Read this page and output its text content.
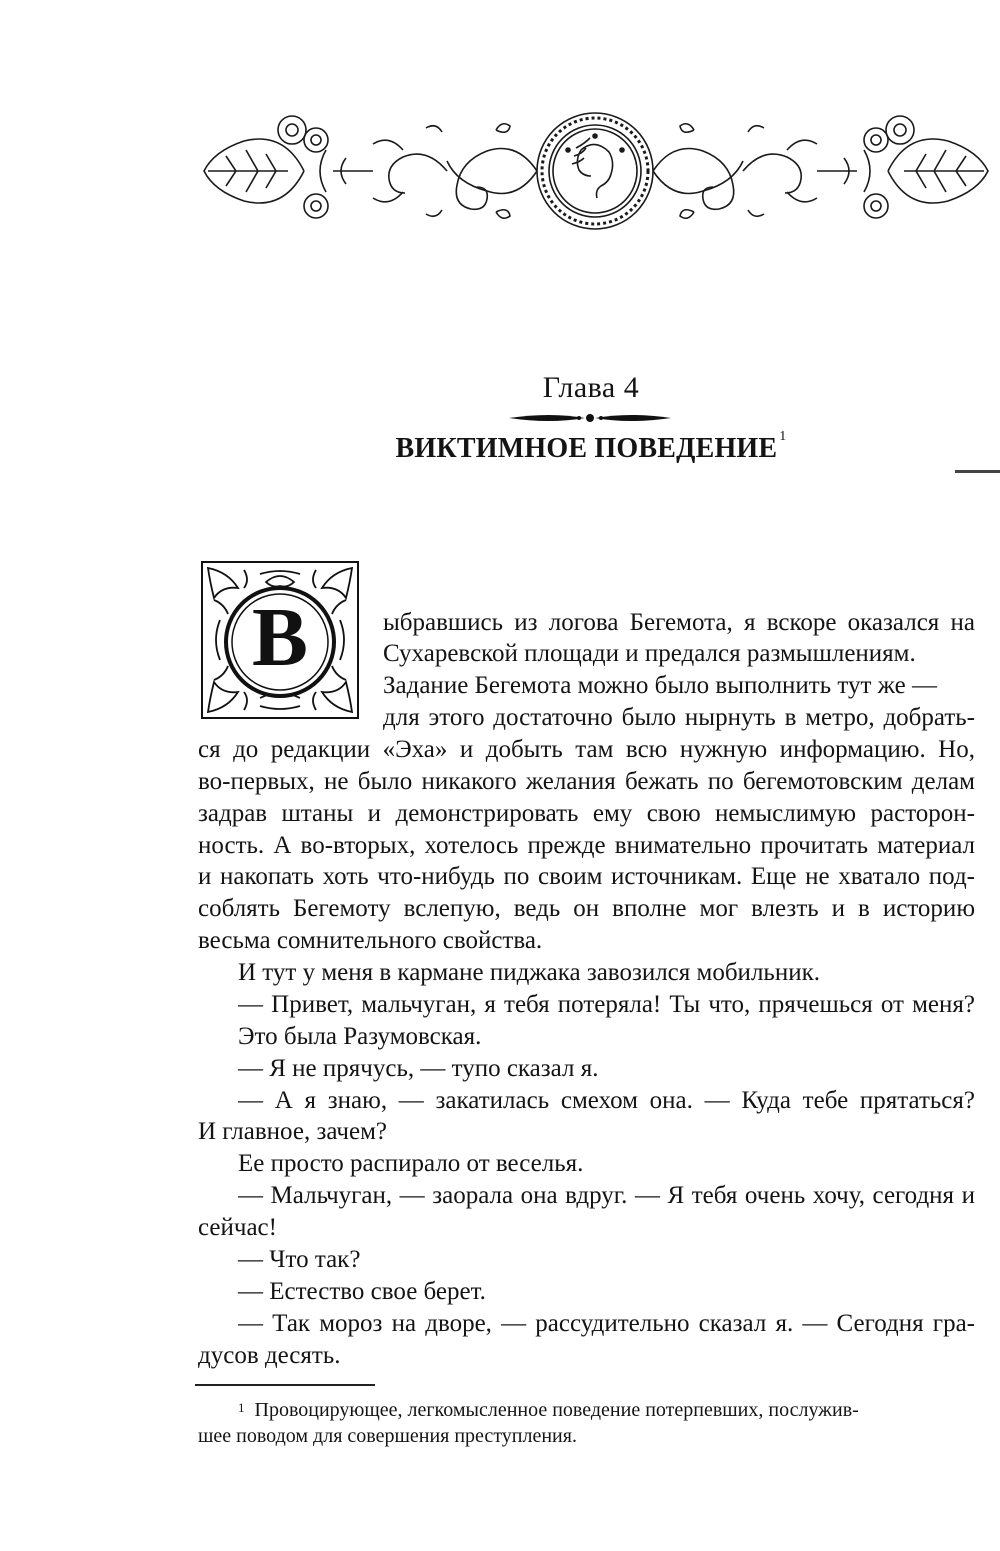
Глава 4
ВИКТИМНОЕ ПОВЕДЕНИЕ $^1$
В	ыбравшись из логова Бегемота, я вскоре оказался на
Сухаревской площади и предался размышлениям.
Задание Бегемота можно было выполнить тут же —
для этого достаточно было нырнуть в метро, добрать-
ся до редакции «Эха» и добыть там всю нужную информацию. Но,
во-первых, не было никакого желания бежать по бегемотовским делам
задрав штаны и демонстрировать ему свою немыслимую расторон-
ность. А во-вторых, хотелось прежде внимательно прочитать материал
и накопать хоть что-нибудь по своим источникам. Еще не хватало под-
соблять Бегемоту вслепую, ведь он вполне мог влезть и в историю
весьма сомнительного свойства.
И тут у меня в кармане пиджака завозился мобильник.
— Привет, мальчуган, я тебя потеряла! Ты что, прячешься от меня?
Это была Разумовская.
— Я не прячусь, — тупо сказал я.
— А я знаю, — закатилась смехом она. — Куда тебе прятаться?
И главное, зачем?
Ее просто распирало от веселья.
— Мальчуган, — заорала она вдруг. — Я тебя очень хочу, сегодня и
сейчас!
— Что так?
— Естество свое берет.
— Так мороз на дворе, — рассудительно сказал я. — Сегодня гра-
дусов десять.
$^1$ Провоцирующее, легкомысленное поведение потерпевших, послужив-
шее поводом для совершения преступления.
